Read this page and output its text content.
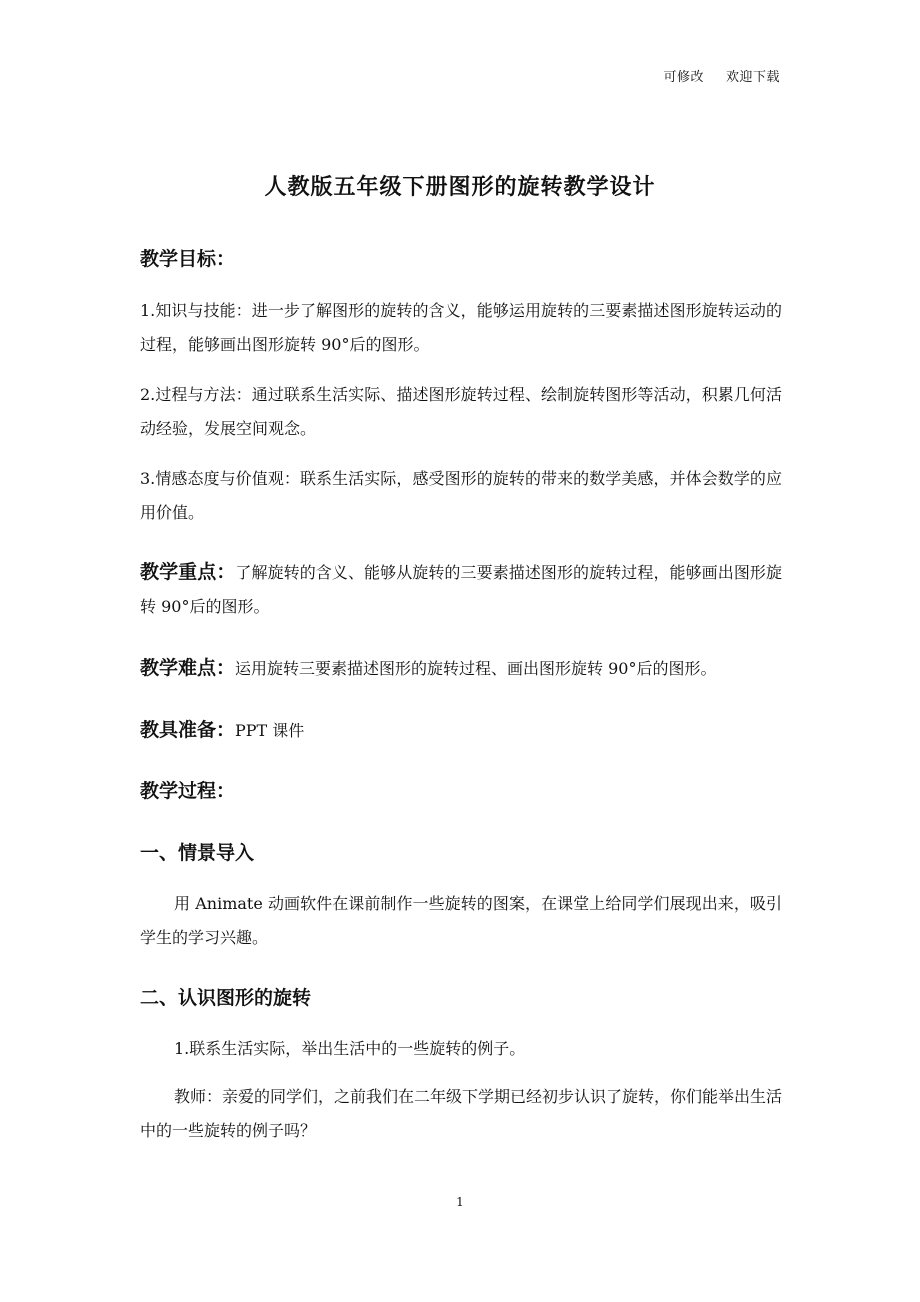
可修改 欢迎下载
人教版五年级下册图形的旋转教学设计
教学目标：
1.知识与技能：进一步了解图形的旋转的含义，能够运用旋转的三要素描述图形旋转运动的过程，能够画出图形旋转 90°后的图形。
2.过程与方法：通过联系生活实际、描述图形旋转过程、绘制旋转图形等活动，积累几何活动经验，发展空间观念。
3.情感态度与价值观：联系生活实际，感受图形的旋转的带来的数学美感，并体会数学的应用价值。
教学重点：了解旋转的含义、能够从旋转的三要素描述图形的旋转过程，能够画出图形旋转 90°后的图形。
教学难点：运用旋转三要素描述图形的旋转过程、画出图形旋转 90°后的图形。
教具准备：PPT 课件
教学过程：
一、情景导入
用 Animate 动画软件在课前制作一些旋转的图案，在课堂上给同学们展现出来，吸引学生的学习兴趣。
二、认识图形的旋转
1.联系生活实际，举出生活中的一些旋转的例子。
教师：亲爱的同学们，之前我们在二年级下学期已经初步认识了旋转，你们能举出生活中的一些旋转的例子吗？
1
